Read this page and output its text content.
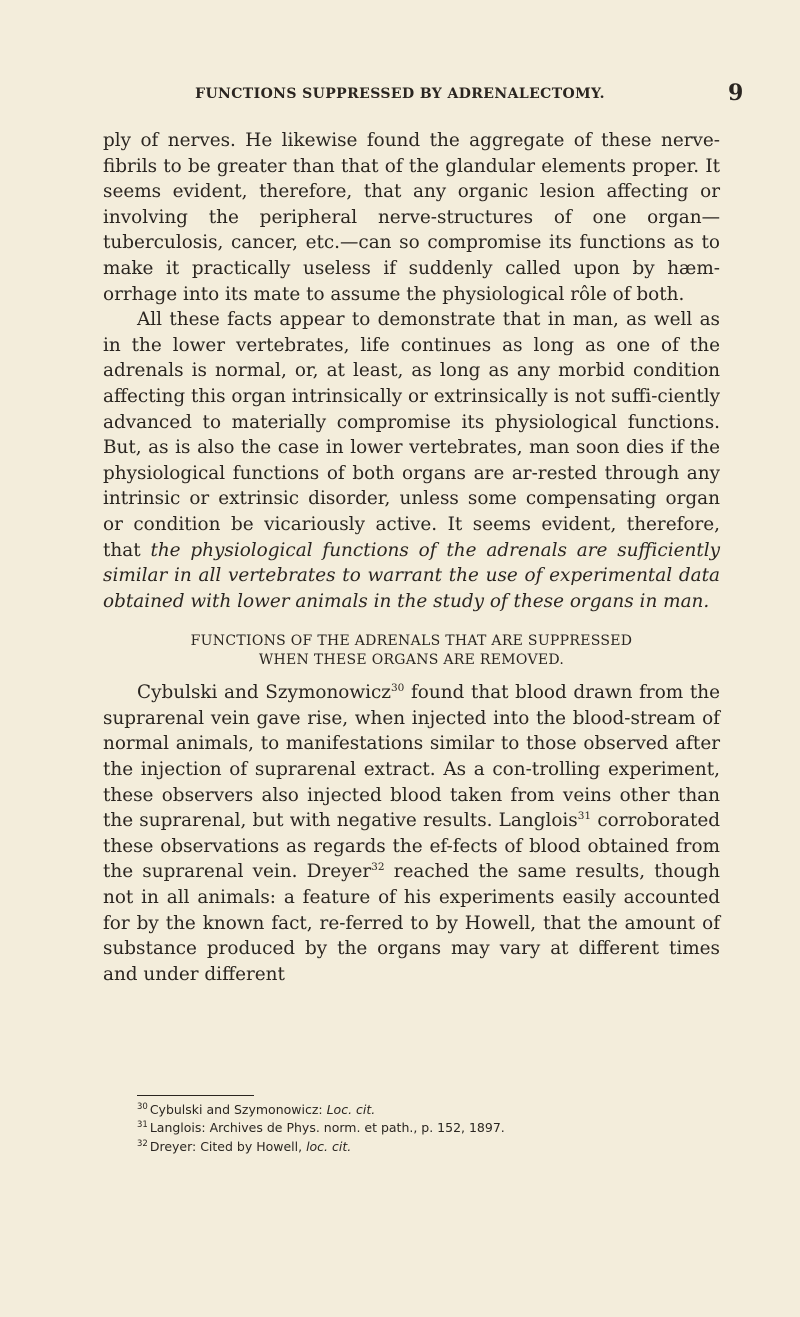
FUNCTIONS SUPPRESSED BY ADRENALECTOMY.	9

ply of nerves. He likewise found the aggregate of these nerve-fibrils to be greater than that of the glandular elements proper. It seems evident, therefore, that any organic lesion affecting or involving the peripheral nerve-structures of one organ— tuberculosis, cancer, etc.—can so compromise its functions as to make it practically useless if suddenly called upon by hæm-orrhage into its mate to assume the physiological rôle of both.

All these facts appear to demonstrate that in man, as well as in the lower vertebrates, life continues as long as one of the adrenals is normal, or, at least, as long as any morbid condition affecting this organ intrinsically or extrinsically is not suffi-ciently advanced to materially compromise its physiological functions. But, as is also the case in lower vertebrates, man soon dies if the physiological functions of both organs are ar-rested through any intrinsic or extrinsic disorder, unless some compensating organ or condition be vicariously active. It seems evident, therefore, that the physiological functions of the adrenals are sufficiently similar in all vertebrates to warrant the use of experimental data obtained with lower animals in the study of these organs in man.

FUNCTIONS OF THE ADRENALS THAT ARE SUPPRESSED
WHEN THESE ORGANS ARE REMOVED.

Cybulski and Szymonowicz$^{30}$ found that blood drawn from the suprarenal vein gave rise, when injected into the blood-stream of normal animals, to manifestations similar to those observed after the injection of suprarenal extract. As a con-trolling experiment, these observers also injected blood taken from veins other than the suprarenal, but with negative results. Langlois$^{31}$ corroborated these observations as regards the ef-fects of blood obtained from the suprarenal vein. Dreyer$^{32}$ reached the same results, though not in all animals: a feature of his experiments easily accounted for by the known fact, re-ferred to by Howell, that the amount of substance produced by the organs may vary at different times and under different

$^{30}$ Cybulski and Szymonowicz: Loc. cit.
$^{31}$ Langlois: Archives de Phys. norm. et path., p. 152, 1897.
$^{32}$ Dreyer: Cited by Howell, loc. cit.
